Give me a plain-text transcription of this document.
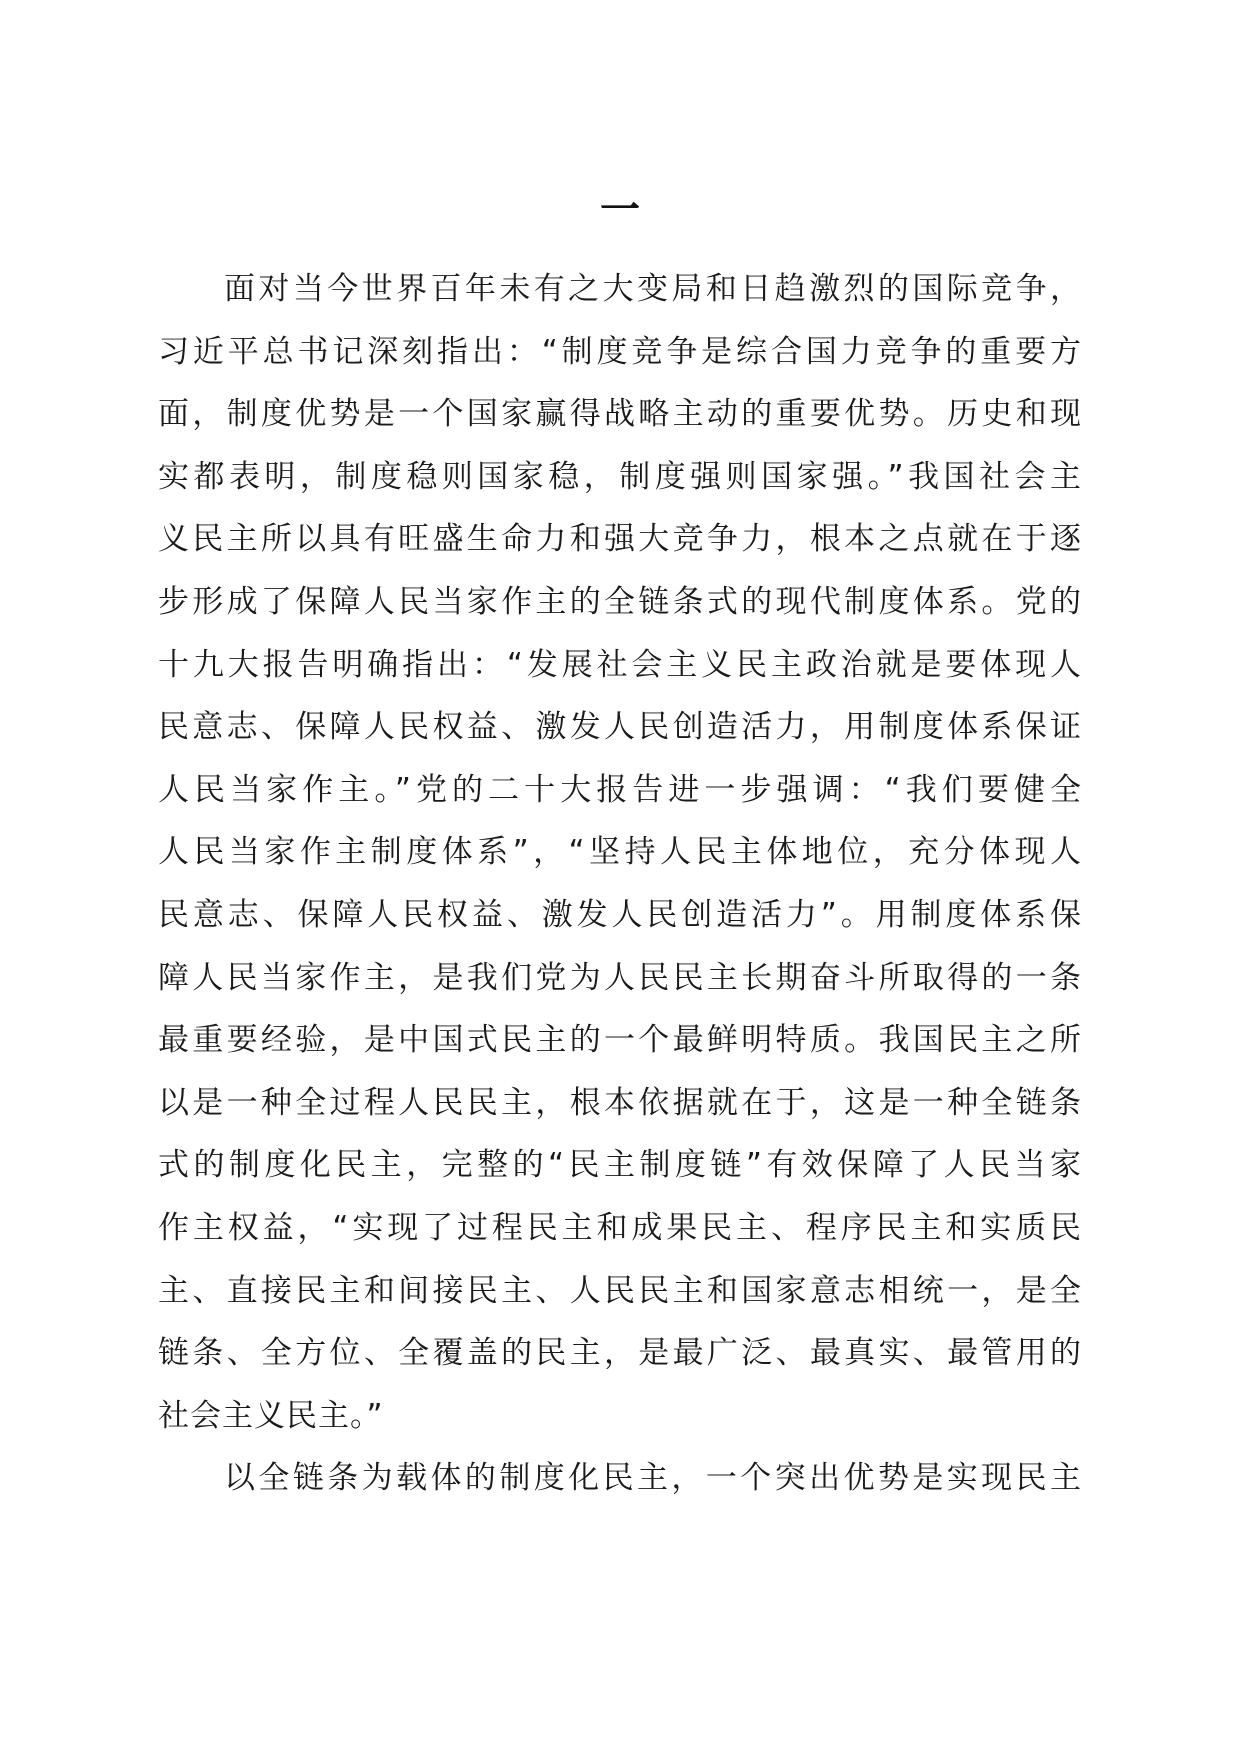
一
面对当今世界百年未有之大变局和日趋激烈的国际竞争，
习近平总书记深刻指出：“制度竞争是综合国力竞争的重要方
面，制度优势是一个国家赢得战略主动的重要优势。历史和现
实都表明，制度稳则国家稳，制度强则国家强。”我国社会主
义民主所以具有旺盛生命力和强大竞争力，根本之点就在于逐
步形成了保障人民当家作主的全链条式的现代制度体系。党的
十九大报告明确指出：“发展社会主义民主政治就是要体现人
民意志、保障人民权益、激发人民创造活力，用制度体系保证
人民当家作主。”党的二十大报告进一步强调：“我们要健全
人民当家作主制度体系”，“坚持人民主体地位，充分体现人
民意志、保障人民权益、激发人民创造活力”。用制度体系保
障人民当家作主，是我们党为人民民主长期奋斗所取得的一条
最重要经验，是中国式民主的一个最鲜明特质。我国民主之所
以是一种全过程人民民主，根本依据就在于，这是一种全链条
式的制度化民主，完整的“民主制度链”有效保障了人民当家
作主权益，“实现了过程民主和成果民主、程序民主和实质民
主、直接民主和间接民主、人民民主和国家意志相统一，是全
链条、全方位、全覆盖的民主，是最广泛、最真实、最管用的
社会主义民主。”
以全链条为载体的制度化民主，一个突出优势是实现民主
